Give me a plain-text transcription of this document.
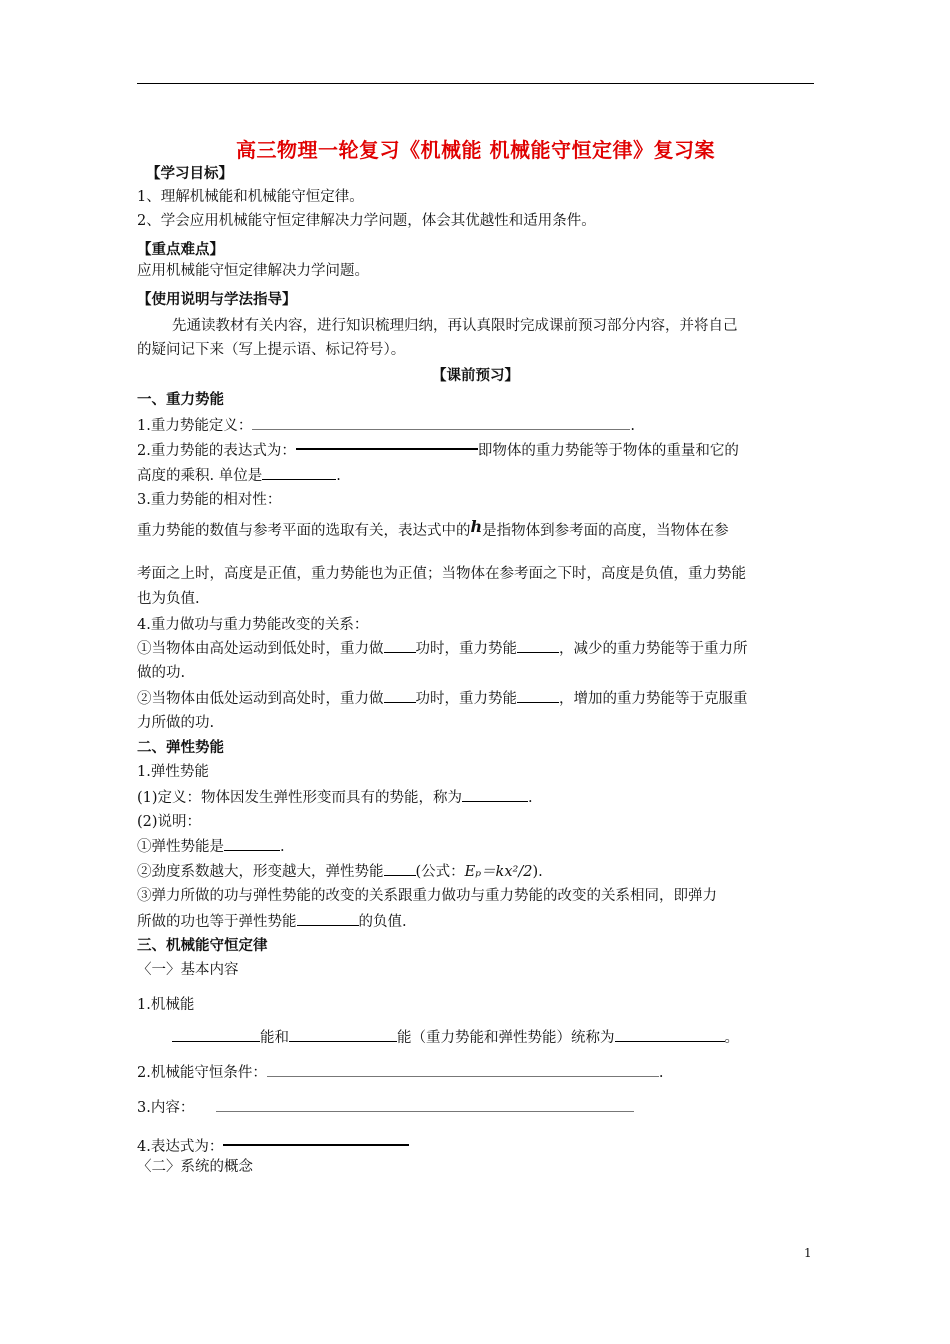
高三物理一轮复习《机械能 机械能守恒定律》复习案
【学习目标】
1、理解机械能和机械能守恒定律。
2、学会应用机械能守恒定律解决力学问题，体会其优越性和适用条件。
【重点难点】
应用机械能守恒定律解决力学问题。
【使用说明与学法指导】
先通读教材有关内容，进行知识梳理归纳，再认真限时完成课前预习部分内容，并将自己
的疑问记下来（写上提示语、标记符号）。
【课前预习】
一、重力势能
1.重力势能定义：	.
2.重力势能的表达式为：	即物体的重力势能等于物体的重量和它的
高度的乘积. 单位是	.
3.重力势能的相对性：
重力势能的数值与参考平面的选取有关，表达式中的h是指物体到参考面的高度，当物体在参
考面之上时，高度是正值，重力势能也为正值；当物体在参考面之下时，高度是负值，重力势能
也为负值.
4.重力做功与重力势能改变的关系：
①当物体由高处运动到低处时，重力做 功时，重力势能	，减少的重力势能等于重力所
做的功.
②当物体由低处运动到高处时，重力做 功时，重力势能	，增加的重力势能等于克服重
力所做的功.
二、弹性势能
1.弹性势能
(1)定义：物体因发生弹性形变而具有的势能，称为	.
(2)说明：
①弹性势能是	.
②劲度系数越大，形变越大，弹性势能 (公式：Eₚ＝kx²/2).
③弹力所做的功与弹性势能的改变的关系跟重力做功与重力势能的改变的关系相同，即弹力
所做的功也等于弹性势能	的负值.
三、机械能守恒定律
〈一〉基本内容
1.机械能
能和	能（重力势能和弹性势能）统称为	。
2.机械能守恒条件：	.
3.内容：
4.表达式为：
〈二〉系统的概念
1
